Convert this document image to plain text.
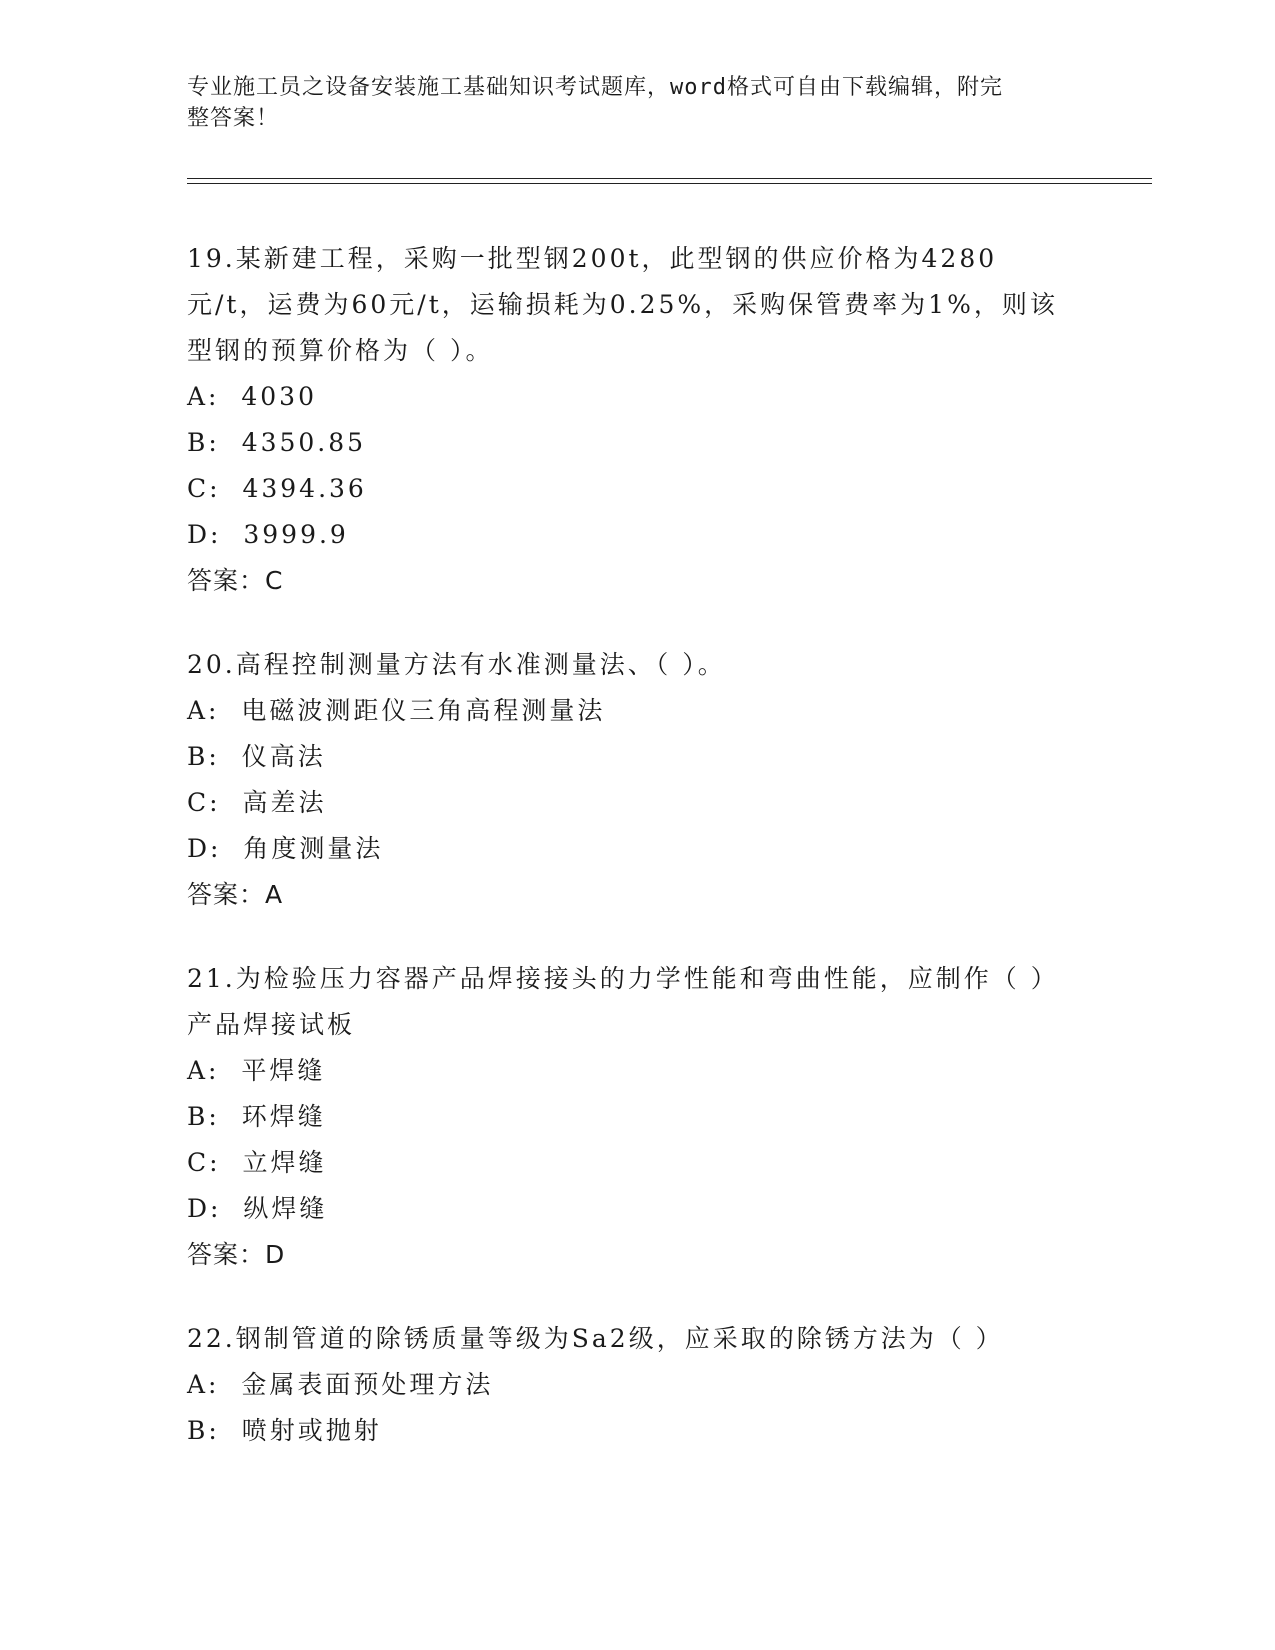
专业施工员之设备安装施工基础知识考试题库，word格式可自由下载编辑，附完
整答案！

19.某新建工程，采购一批型钢200t，此型钢的供应价格为4280元/t，运费为60元/t，运输损耗为0.25%，采购保管费率为1%，则该型钢的预算价格为（ ）。

A:  4030

B:  4350.85

C:  4394.36

D:  3999.9

答案：C

20.高程控制测量方法有水准测量法、（ ）。

A:  电磁波测距仪三角高程测量法

B:  仪高法

C:  高差法

D:  角度测量法

答案：A

21.为检验压力容器产品焊接接头的力学性能和弯曲性能，应制作（ ）产品焊接试板

A:  平焊缝

B:  环焊缝

C:  立焊缝

D:  纵焊缝

答案：D

22.钢制管道的除锈质量等级为Sa2级，应采取的除锈方法为（ ）

A:  金属表面预处理方法

B:  喷射或抛射
